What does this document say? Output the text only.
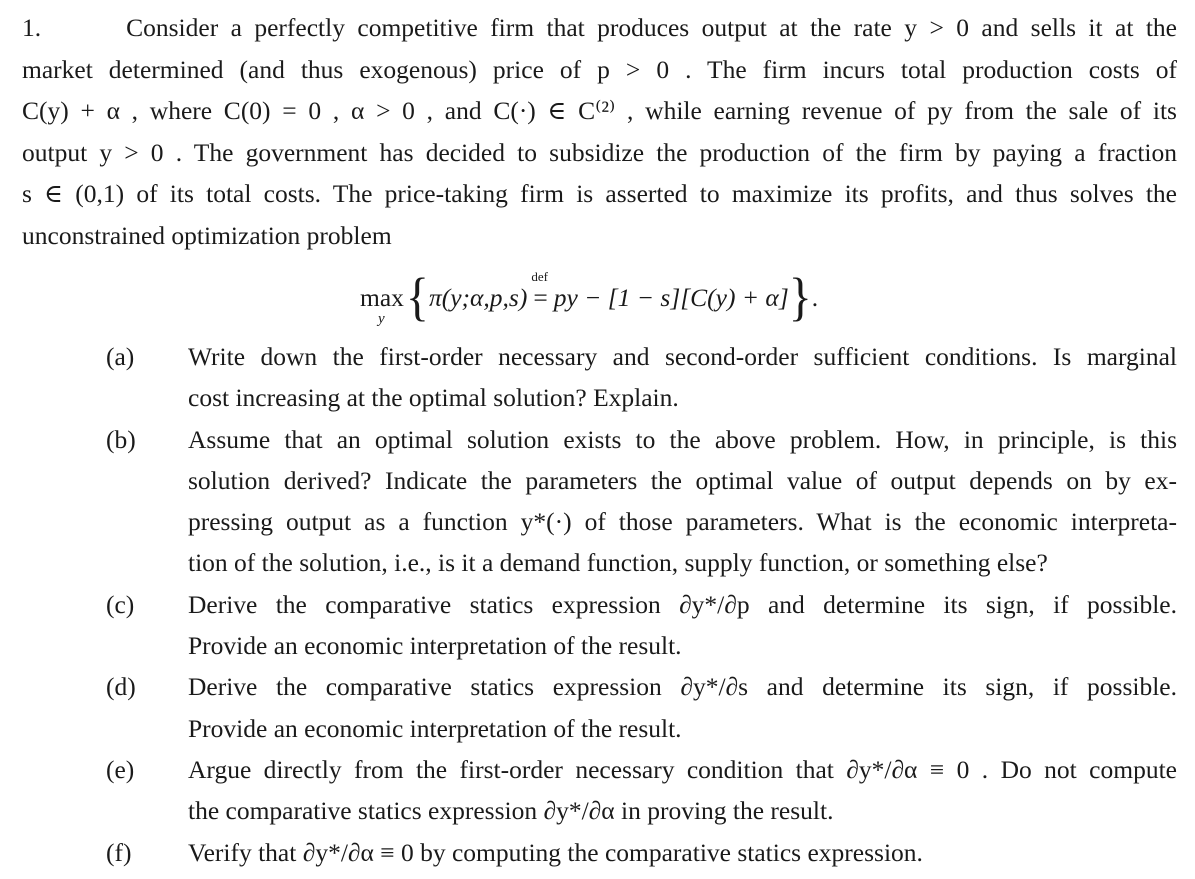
1.	Consider a perfectly competitive firm that produces output at the rate y > 0 and sells it at the
market determined (and thus exogenous) price of p > 0 . The firm incurs total production costs of
C(y) + α , where C(0) = 0 , α > 0 , and C(·) ∈ C⁽²⁾ , while earning revenue of py from the sale of its
output y > 0 . The government has decided to subsidize the production of the firm by paying a fraction
s ∈ (0,1) of its total costs. The price-taking firm is asserted to maximize its profits, and thus solves the
unconstrained optimization problem
max
y { π(y;α,p,s)
def
= py − [1 − s][C(y) + α] } .
(a) Write down the first-order necessary and second-order sufficient conditions. Is marginal
cost increasing at the optimal solution? Explain.
(b) Assume that an optimal solution exists to the above problem. How, in principle, is this
solution derived? Indicate the parameters the optimal value of output depends on by ex-
pressing output as a function y*(·) of those parameters. What is the economic interpreta-
tion of the solution, i.e., is it a demand function, supply function, or something else?
(c) Derive the comparative statics expression ∂y*/∂p and determine its sign, if possible.
Provide an economic interpretation of the result.
(d) Derive the comparative statics expression ∂y*/∂s and determine its sign, if possible.
Provide an economic interpretation of the result.
(e) Argue directly from the first-order necessary condition that ∂y*/∂α ≡ 0 . Do not compute
the comparative statics expression ∂y*/∂α in proving the result.
(f) Verify that ∂y*/∂α ≡ 0 by computing the comparative statics expression.
